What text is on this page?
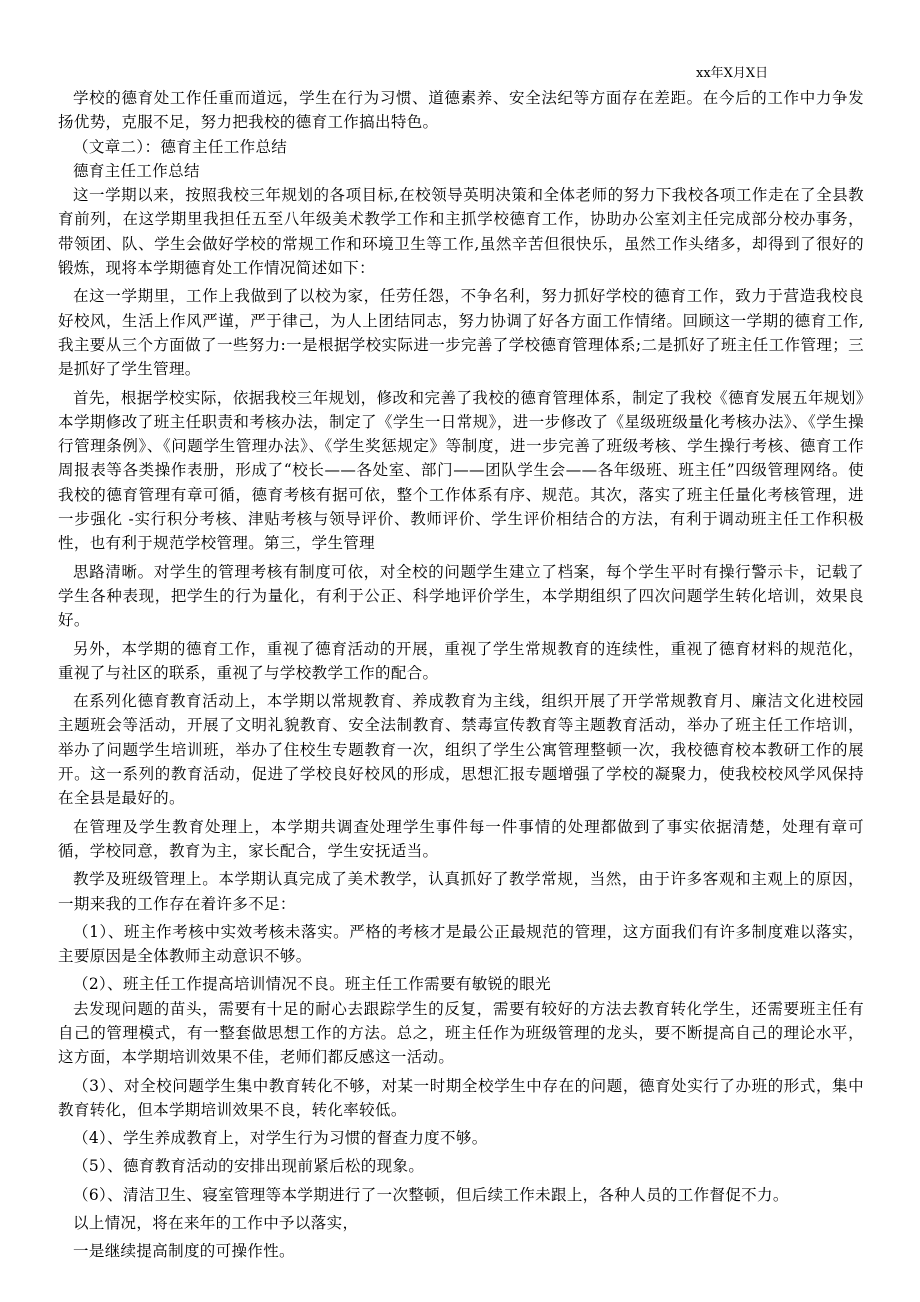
xx年X月X日

学校的德育处工作任重而道远，学生在行为习惯、道德素养、安全法纪等方面存在差距。在今后的工作中力争发扬优势，克服不足，努力把我校的德育工作搞出特色。

（文章二）：德育主任工作总结

德育主任工作总结

这一学期以来，按照我校三年规划的各项目标,在校领导英明决策和全体老师的努力下我校各项工作走在了全县教育前列，在这学期里我担任五至八年级美术教学工作和主抓学校德育工作，协助办公室刘主任完成部分校办事务，带领团、队、学生会做好学校的常规工作和环境卫生等工作,虽然辛苦但很快乐，虽然工作头绪多，却得到了很好的锻炼，现将本学期德育处工作情况简述如下：

在这一学期里，工作上我做到了以校为家，任劳任怨，不争名利，努力抓好学校的德育工作，致力于营造我校良好校风，生活上作风严谨，严于律己，为人上团结同志，努力协调了好各方面工作情绪。回顾这一学期的德育工作,我主要从三个方面做了一些努力:一是根据学校实际进一步完善了学校德育管理体系;二是抓好了班主任工作管理；三是抓好了学生管理。

首先，根据学校实际，依据我校三年规划，修改和完善了我校的德育管理体系，制定了我校《德育发展五年规划》本学期修改了班主任职责和考核办法，制定了《学生一日常规》，进一步修改了《星级班级量化考核办法》、《学生操行管理条例》、《问题学生管理办法》、《学生奖惩规定》等制度，进一步完善了班级考核、学生操行考核、德育工作周报表等各类操作表册，形成了“校长——各处室、部门——团队学生会——各年级班、班主任”四级管理网络。使我校的德育管理有章可循，德育考核有据可依，整个工作体系有序、规范。其次，落实了班主任量化考核管理，进一步强化 -实行积分考核、津贴考核与领导评价、教师评价、学生评价相结合的方法，有利于调动班主任工作积极性，也有利于规范学校管理。第三，学生管理

思路清晰。对学生的管理考核有制度可依，对全校的问题学生建立了档案，每个学生平时有操行警示卡，记载了学生各种表现，把学生的行为量化，有利于公正、科学地评价学生，本学期组织了四次问题学生转化培训，效果良好。

另外，本学期的德育工作，重视了德育活动的开展，重视了学生常规教育的连续性，重视了德育材料的规范化，重视了与社区的联系，重视了与学校教学工作的配合。

在系列化德育教育活动上，本学期以常规教育、养成教育为主线，组织开展了开学常规教育月、廉洁文化进校园主题班会等活动，开展了文明礼貌教育、安全法制教育、禁毒宣传教育等主题教育活动，举办了班主任工作培训，举办了问题学生培训班，举办了住校生专题教育一次，组织了学生公寓管理整顿一次，我校德育校本教研工作的展开。这一系列的教育活动，促进了学校良好校风的形成，思想汇报专题增强了学校的凝聚力，使我校校风学风保持在全县是最好的。

在管理及学生教育处理上，本学期共调查处理学生事件每一件事情的处理都做到了事实依据清楚，处理有章可循，学校同意，教育为主，家长配合，学生安抚适当。

教学及班级管理上。本学期认真完成了美术教学，认真抓好了教学常规，当然，由于许多客观和主观上的原因，一期来我的工作存在着许多不足：

（1）、班主作考核中实效考核未落实。严格的考核才是最公正最规范的管理，这方面我们有许多制度难以落实，主要原因是全体教师主动意识不够。

（2）、班主任工作提高培训情况不良。班主任工作需要有敏锐的眼光

去发现问题的苗头，需要有十足的耐心去跟踪学生的反复，需要有较好的方法去教育转化学生，还需要班主任有自己的管理模式，有一整套做思想工作的方法。总之，班主任作为班级管理的龙头，要不断提高自己的理论水平，这方面，本学期培训效果不佳，老师们都反感这一活动。

（3）、对全校问题学生集中教育转化不够，对某一时期全校学生中存在的问题，德育处实行了办班的形式，集中教育转化，但本学期培训效果不良，转化率较低。

（4）、学生养成教育上，对学生行为习惯的督查力度不够。

（5）、德育教育活动的安排出现前紧后松的现象。

（6）、清洁卫生、寝室管理等本学期进行了一次整顿，但后续工作未跟上，各种人员的工作督促不力。

以上情况，将在来年的工作中予以落实，

一是继续提高制度的可操作性。
